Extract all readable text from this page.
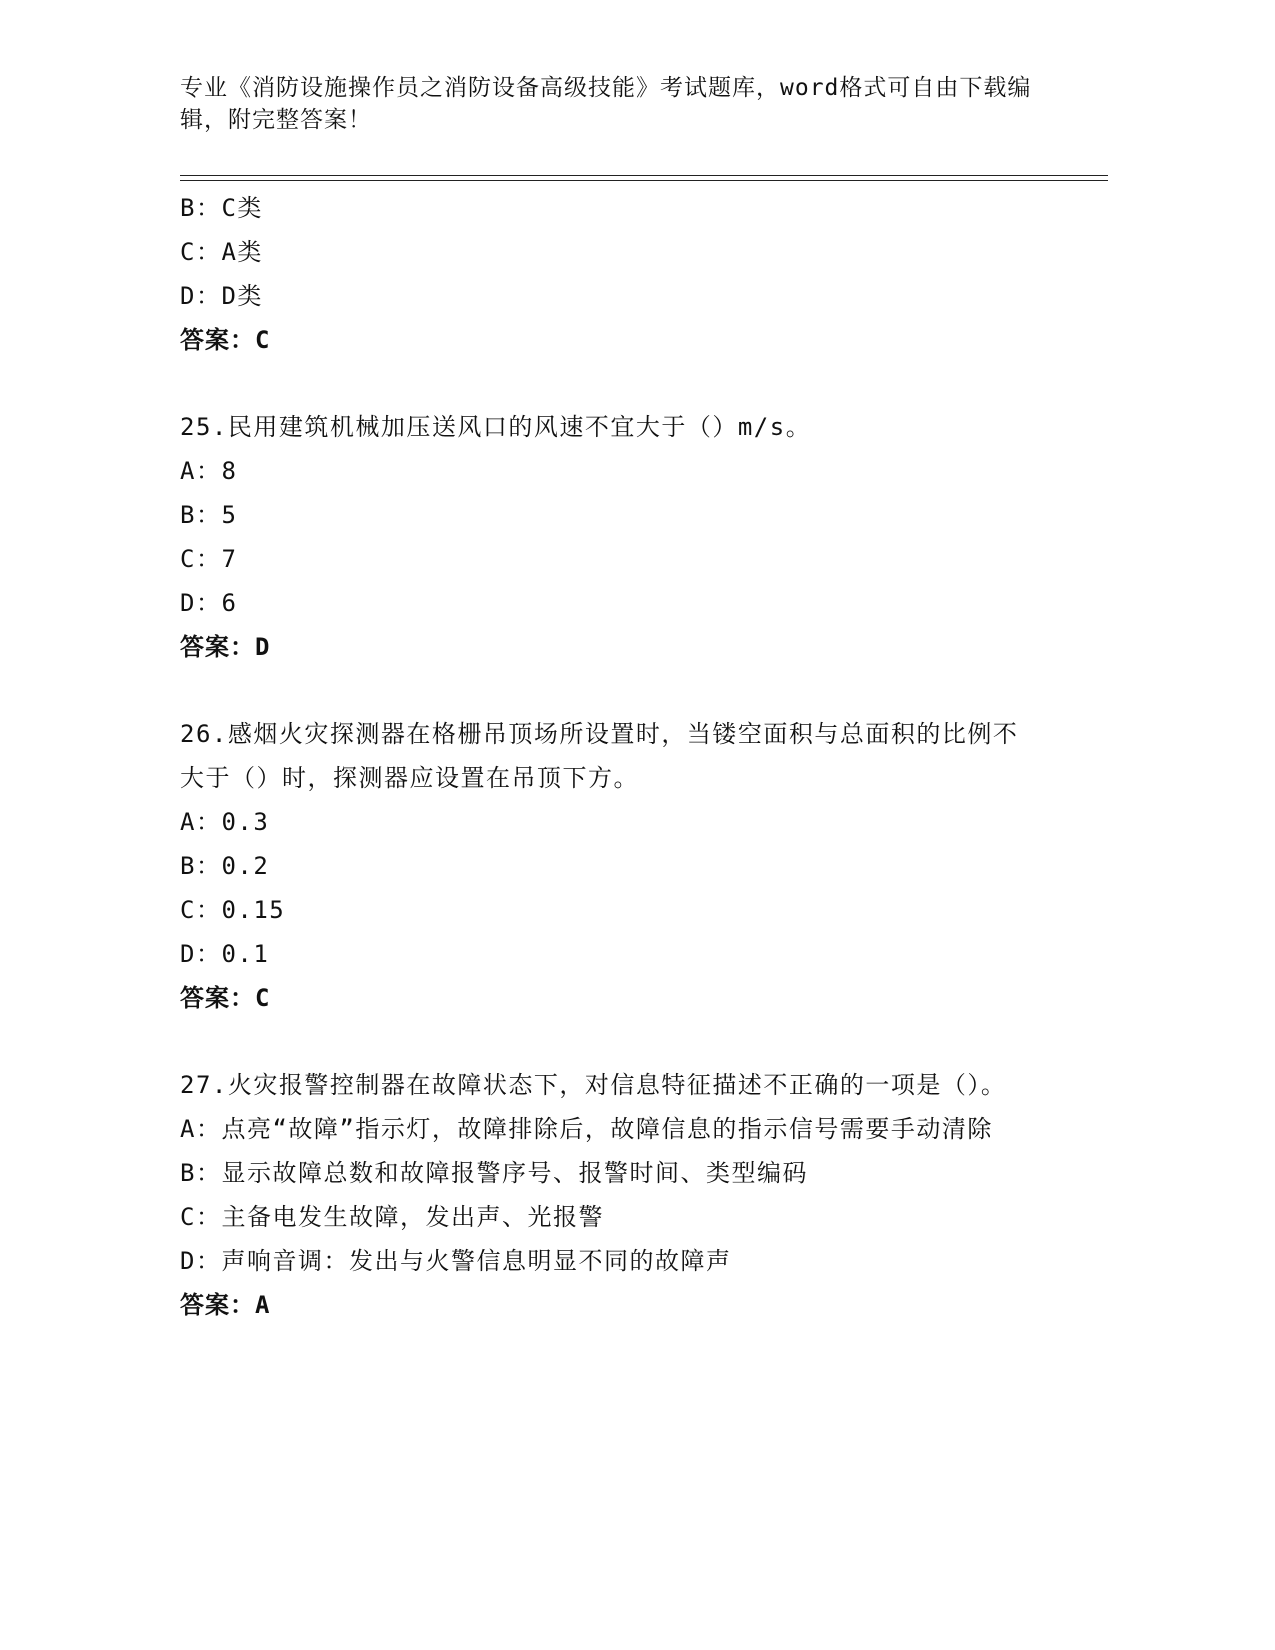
专业《消防设施操作员之消防设备高级技能》考试题库，word格式可自由下载编辑，附完整答案！
B：C类
C：A类
D：D类
答案：C
25.民用建筑机械加压送风口的风速不宜大于（）m/s。
A：8
B：5
C：7
D：6
答案：D
26.感烟火灾探测器在格栅吊顶场所设置时，当镂空面积与总面积的比例不大于（）时，探测器应设置在吊顶下方。
A：0.3
B：0.2
C：0.15
D：0.1
答案：C
27.火灾报警控制器在故障状态下，对信息特征描述不正确的一项是（）。
A：点亮“故障”指示灯，故障排除后，故障信息的指示信号需要手动清除
B：显示故障总数和故障报警序号、报警时间、类型编码
C：主备电发生故障，发出声、光报警
D：声响音调：发出与火警信息明显不同的故障声
答案：A
